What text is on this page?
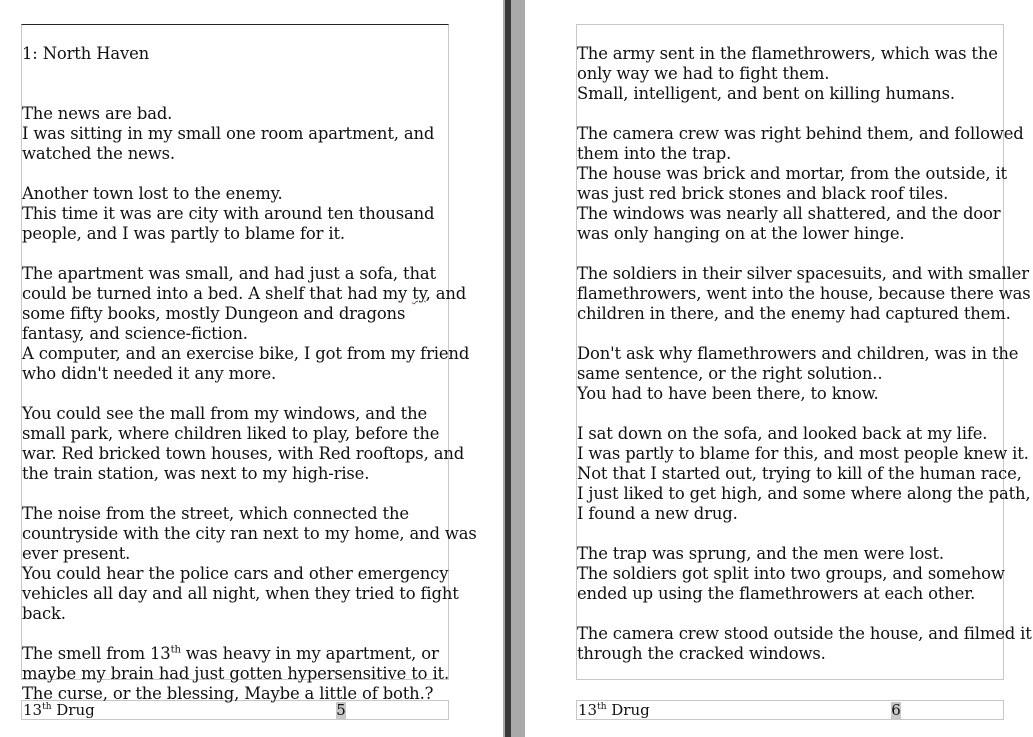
13th Drug	5	13th Drug	6

1: North Haven

The news are bad.
I was sitting in my small one room apartment, and
watched the news.
Another town lost to the enemy.
This time it was are city with around ten thousand
people, and I was partly to blame for it.
The apartment was small, and had just a sofa, that
could be turned into a bed. A shelf that had my ty, and
some fifty books, mostly Dungeon and dragons
fantasy, and science-fiction.
A computer, and an exercise bike, I got from my friend
who didn't needed it any more.
You could see the mall from my windows, and the
small park, where children liked to play, before the
war. Red bricked town houses, with Red rooftops, and
the train station, was next to my high-rise.
The noise from the street, which connected the
countryside with the city ran next to my home, and was
ever present.
You could hear the police cars and other emergency
vehicles all day and all night, when they tried to fight
back.
The smell from 13th was heavy in my apartment, or
maybe my brain had just gotten hypersensitive to it.
The curse, or the blessing, Maybe a little of both.?
The army sent in the flamethrowers, which was the
only way we had to fight them.
Small, intelligent, and bent on killing humans.
The camera crew was right behind them, and followed
them into the trap.
The house was brick and mortar, from the outside, it
was just red brick stones and black roof tiles.
The windows was nearly all shattered, and the door
was only hanging on at the lower hinge.
The soldiers in their silver spacesuits, and with smaller
flamethrowers, went into the house, because there was
children in there, and the enemy had captured them.
Don't ask why flamethrowers and children, was in the
same sentence, or the right solution..
You had to have been there, to know.
I sat down on the sofa, and looked back at my life.
I was partly to blame for this, and most people knew it.
Not that I started out, trying to kill of the human race,
I just liked to get high, and some where along the path,
I found a new drug.
The trap was sprung, and the men were lost.
The soldiers got split into two groups, and somehow
ended up using the flamethrowers at each other.
The camera crew stood outside the house, and filmed it
through the cracked windows.
